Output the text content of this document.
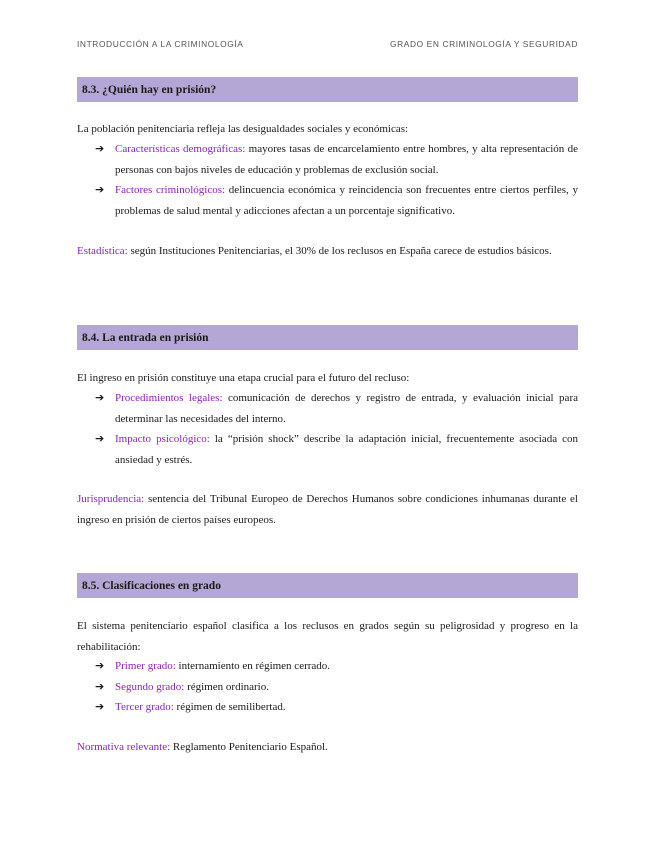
INTRODUCCIÓN A LA CRIMINOLOGÍA	GRADO EN CRIMINOLOGÍA Y SEGURIDAD
8.3. ¿Quién hay en prisión?

La población penitenciaria refleja las desigualdades sociales y económicas:

➔ Características demográficas: mayores tasas de encarcelamiento entre hombres, y alta representación de personas con bajos niveles de educación y problemas de exclusión social.
➔ Factores criminológicos: delincuencia económica y reincidencia son frecuentes entre ciertos perfiles, y problemas de salud mental y adicciones afectan a un porcentaje significativo.

Estadística: según Instituciones Penitenciarias, el 30% de los reclusos en España carece de estudios básicos.

8.4. La entrada en prisión

El ingreso en prisión constituye una etapa crucial para el futuro del recluso:

➔ Procedimientos legales: comunicación de derechos y registro de entrada, y evaluación inicial para determinar las necesidades del interno.
➔ Impacto psicológico: la “prisión shock” describe la adaptación inicial, frecuentemente asociada con ansiedad y estrés.

Jurisprudencia: sentencia del Tribunal Europeo de Derechos Humanos sobre condiciones inhumanas durante el ingreso en prisión de ciertos países europeos.

8.5. Clasificaciones en grado

El sistema penitenciario español clasifica a los reclusos en grados según su peligrosidad y progreso en la rehabilitación:

➔ Primer grado: internamiento en régimen cerrado.
➔ Segundo grado: régimen ordinario.
➔ Tercer grado: régimen de semilibertad.

Normativa relevante: Reglamento Penitenciario Español.
